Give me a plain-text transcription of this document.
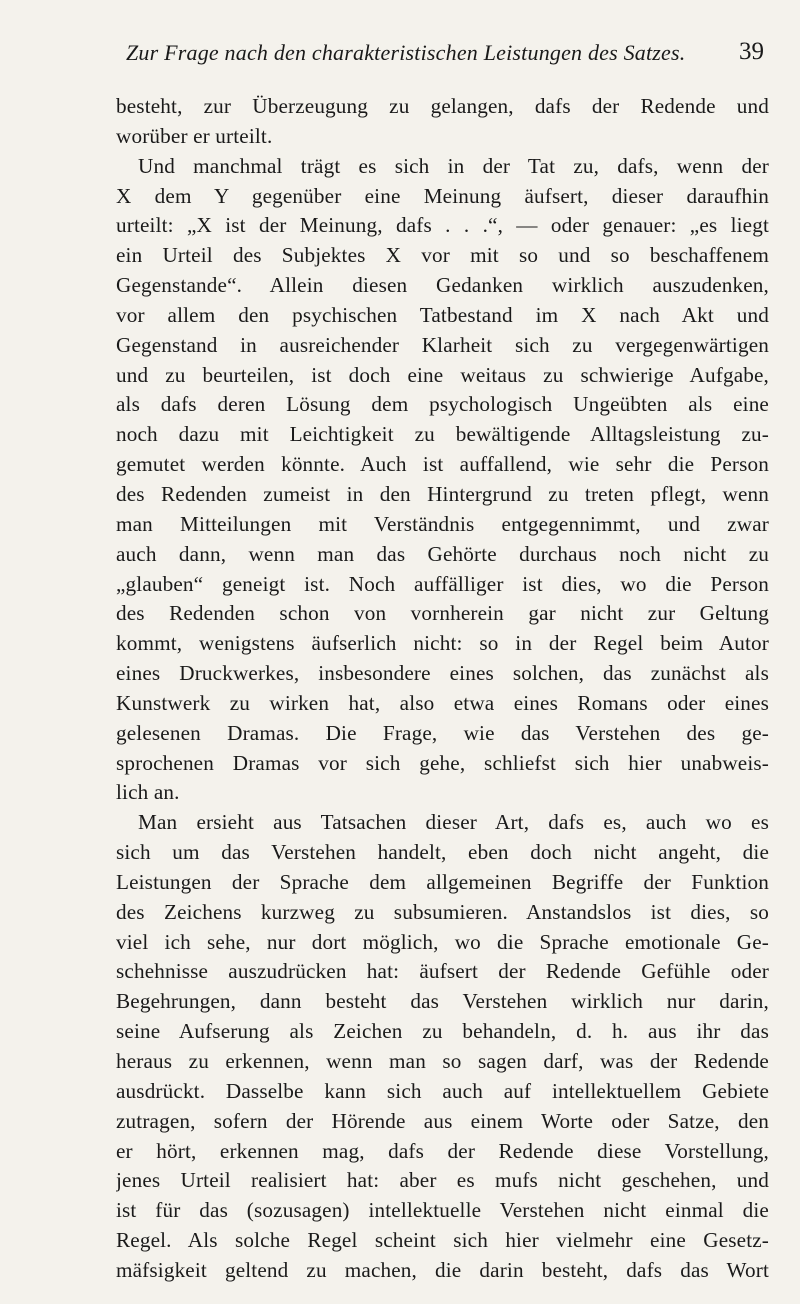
Zur Frage nach den charakteristischen Leistungen des Satzes. 39
besteht, zur Überzeugung zu gelangen, dafs der Redende und
worüber er urteilt.
Und manchmal trägt es sich in der Tat zu, dafs, wenn der
X dem Y gegenüber eine Meinung äufsert, dieser daraufhin
urteilt: „X ist der Meinung, dafs . . .“, — oder genauer: „es liegt
ein Urteil des Subjektes X vor mit so und so beschaffenem
Gegenstande“. Allein diesen Gedanken wirklich auszudenken,
vor allem den psychischen Tatbestand im X nach Akt und
Gegenstand in ausreichender Klarheit sich zu vergegenwärtigen
und zu beurteilen, ist doch eine weitaus zu schwierige Aufgabe,
als dafs deren Lösung dem psychologisch Ungeübten als eine
noch dazu mit Leichtigkeit zu bewältigende Alltagsleistung zu-
gemutet werden könnte. Auch ist auffallend, wie sehr die Person
des Redenden zumeist in den Hintergrund zu treten pflegt, wenn
man Mitteilungen mit Verständnis entgegennimmt, und zwar
auch dann, wenn man das Gehörte durchaus noch nicht zu
„glauben“ geneigt ist. Noch auffälliger ist dies, wo die Person
des Redenden schon von vornherein gar nicht zur Geltung
kommt, wenigstens äufserlich nicht: so in der Regel beim Autor
eines Druckwerkes, insbesondere eines solchen, das zunächst als
Kunstwerk zu wirken hat, also etwa eines Romans oder eines
gelesenen Dramas. Die Frage, wie das Verstehen des ge-
sprochenen Dramas vor sich gehe, schliefst sich hier unabweis-
lich an.
Man ersieht aus Tatsachen dieser Art, dafs es, auch wo es
sich um das Verstehen handelt, eben doch nicht angeht, die
Leistungen der Sprache dem allgemeinen Begriffe der Funktion
des Zeichens kurzweg zu subsumieren. Anstandslos ist dies, so
viel ich sehe, nur dort möglich, wo die Sprache emotionale Ge-
schehnisse auszudrücken hat: äufsert der Redende Gefühle oder
Begehrungen, dann besteht das Verstehen wirklich nur darin,
seine Aufserung als Zeichen zu behandeln, d. h. aus ihr das
heraus zu erkennen, wenn man so sagen darf, was der Redende
ausdrückt. Dasselbe kann sich auch auf intellektuellem Gebiete
zutragen, sofern der Hörende aus einem Worte oder Satze, den
er hört, erkennen mag, dafs der Redende diese Vorstellung,
jenes Urteil realisiert hat: aber es mufs nicht geschehen, und
ist für das (sozusagen) intellektuelle Verstehen nicht einmal die
Regel. Als solche Regel scheint sich hier vielmehr eine Gesetz-
mäfsigkeit geltend zu machen, die darin besteht, dafs das Wort
